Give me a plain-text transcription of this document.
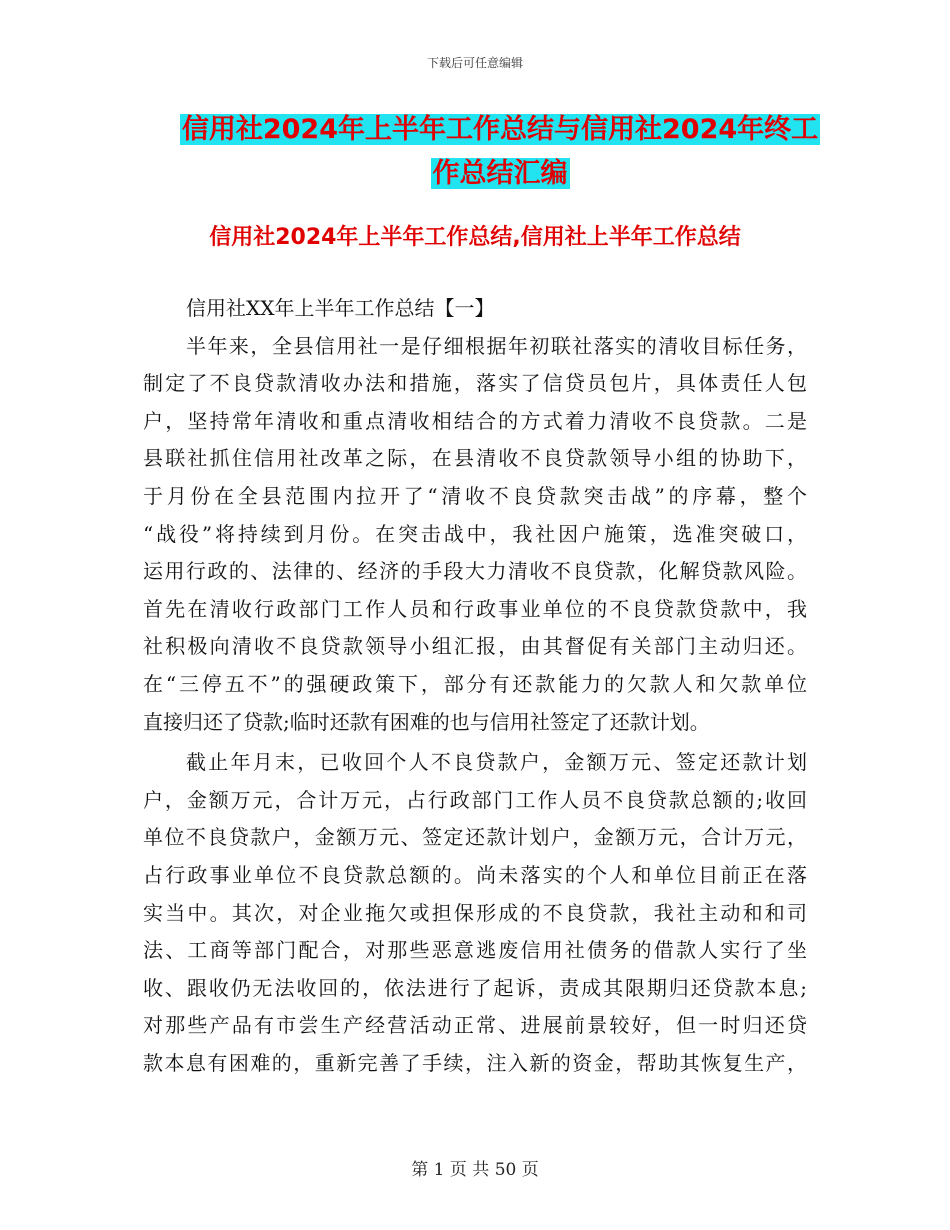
下载后可任意编辑
信用社2024年上半年工作总结与信用社2024年终工
作总结汇编
信用社2024年上半年工作总结,信用社上半年工作总结
信用社XX年上半年工作总结【一】
半年来，全县信用社一是仔细根据年初联社落实的清收目标任务，
制定了不良贷款清收办法和措施，落实了信贷员包片，具体责任人包
户，坚持常年清收和重点清收相结合的方式着力清收不良贷款。二是
县联社抓住信用社改革之际，在县清收不良贷款领导小组的协助下，
于月份在全县范围内拉开了“清收不良贷款突击战”的序幕，整个
“战役”将持续到月份。在突击战中，我社因户施策，选准突破口，
运用行政的、法律的、经济的手段大力清收不良贷款，化解贷款风险。
首先在清收行政部门工作人员和行政事业单位的不良贷款贷款中，我
社积极向清收不良贷款领导小组汇报，由其督促有关部门主动归还。
在“三停五不”的强硬政策下，部分有还款能力的欠款人和欠款单位
直接归还了贷款;临时还款有困难的也与信用社签定了还款计划。
截止年月末，已收回个人不良贷款户，金额万元、签定还款计划
户，金额万元，合计万元，占行政部门工作人员不良贷款总额的;收回
单位不良贷款户，金额万元、签定还款计划户，金额万元，合计万元，
占行政事业单位不良贷款总额的。尚未落实的个人和单位目前正在落
实当中。其次，对企业拖欠或担保形成的不良贷款，我社主动和和司
法、工商等部门配合，对那些恶意逃废信用社债务的借款人实行了坐
收、跟收仍无法收回的，依法进行了起诉，责成其限期归还贷款本息;
对那些产品有市尝生产经营活动正常、进展前景较好，但一时归还贷
款本息有困难的，重新完善了手续，注入新的资金，帮助其恢复生产，
第 1 页 共 50 页
